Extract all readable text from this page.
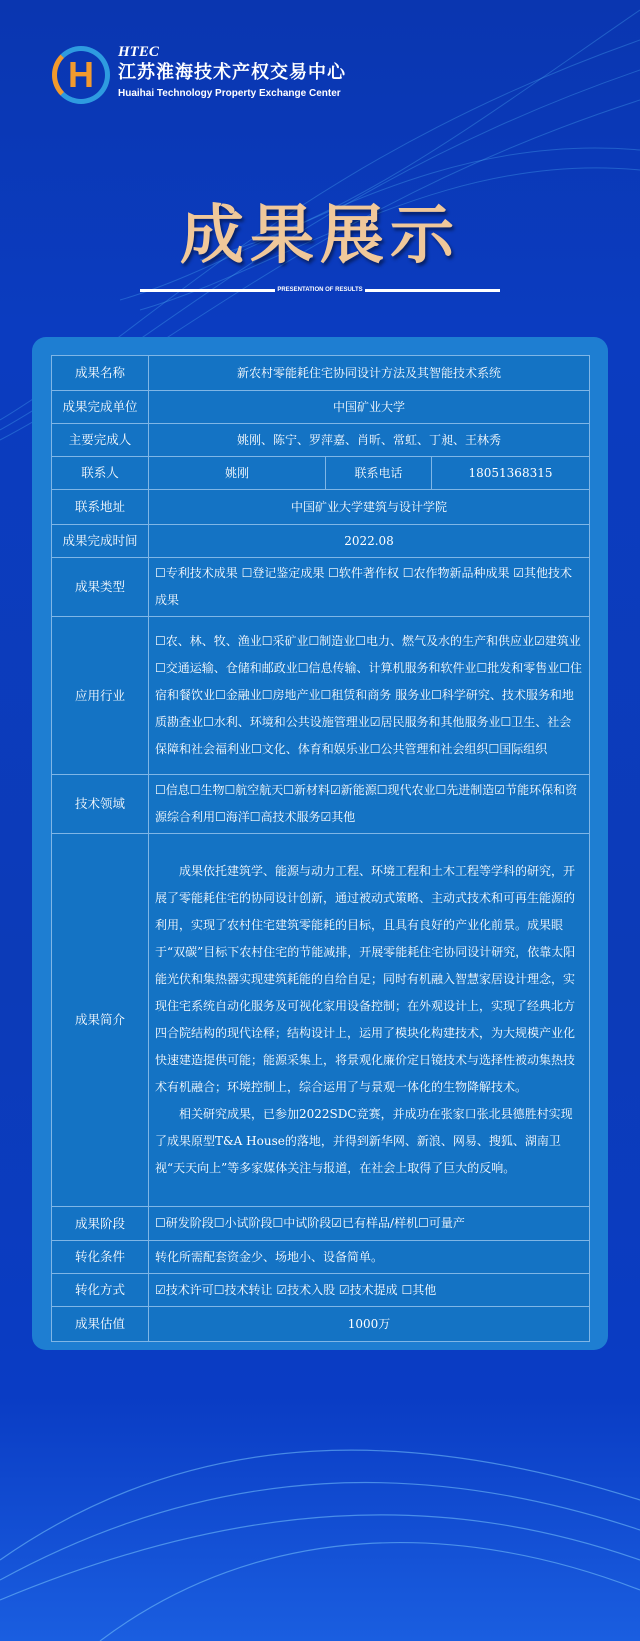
H
HTEC
江苏淮海技术产权交易中心
Huaihai Technology Property Exchange Center
成果展示
PRESENTATION OF RESULTS
成果名称	新农村零能耗住宅协同设计方法及其智能技术系统		
成果完成单位	中国矿业大学		
主要完成人	姚刚、陈宁、罗萍嘉、肖昕、常虹、丁昶、王林秀		
联系人	姚刚	联系电话	18051368315
联系地址	中国矿业大学建筑与设计学院		
成果完成时间	2022.08		
成果类型	☐专利技术成果 ☐登记鉴定成果 ☐软件著作权 ☐农作物新品种成果 ☑其他技术成果		
应用行业	☐农、林、牧、渔业☐采矿业☐制造业☐电力、燃气及水的生产和供应业☑建筑业☐交通运输、仓储和邮政业☐信息传输、计算机服务和软件业☐批发和零售业☐住宿和餐饮业☐金融业☐房地产业☐租赁和商务 服务业☐科学研究、技术服务和地质勘查业☐水利、环境和公共设施管理业☑居民服务和其他服务业☐卫生、社会保障和社会福利业☐文化、体育和娱乐业☐公共管理和社会组织☐国际组织		
技术领域	☐信息☐生物☐航空航天☐新材料☑新能源☐现代农业☐先进制造☑节能环保和资源综合利用☐海洋☐高技术服务☑其他		
成果简介	成果依托建筑学、能源与动力工程、环境工程和土木工程等学科的研究，开展了零能耗住宅的协同设计创新，通过被动式策略、主动式技术和可再生能源的利用，实现了农村住宅建筑零能耗的目标，且具有良好的产业化前景。成果眼于“双碳”目标下农村住宅的节能减排，开展零能耗住宅协同设计研究，依靠太阳能光伏和集热器实现建筑耗能的自给自足；同时有机融入智慧家居设计理念，实现住宅系统自动化服务及可视化家用设备控制；在外观设计上，实现了经典北方四合院结构的现代诠释；结构设计上，运用了模块化构建技术，为大规模产业化快速建造提供可能；能源采集上，将景观化廉价定日镜技术与选择性被动集热技术有机融合；环境控制上，综合运用了与景观一体化的生物降解技术。

相关研究成果，已参加2022SDC竞赛，并成功在张家口张北县德胜村实现了成果原型T&A House的落地，并得到新华网、新浪、网易、搜狐、湖南卫视“天天向上”等多家媒体关注与报道，在社会上取得了巨大的反响。		

成果阶段	☐研发阶段☐小试阶段☐中试阶段☑已有样品/样机☐可量产		
转化条件	转化所需配套资金少、场地小、设备简单。		
转化方式	☑技术许可☐技术转让 ☑技术入股 ☑技术提成 ☐其他		
成果估值	1000万		
